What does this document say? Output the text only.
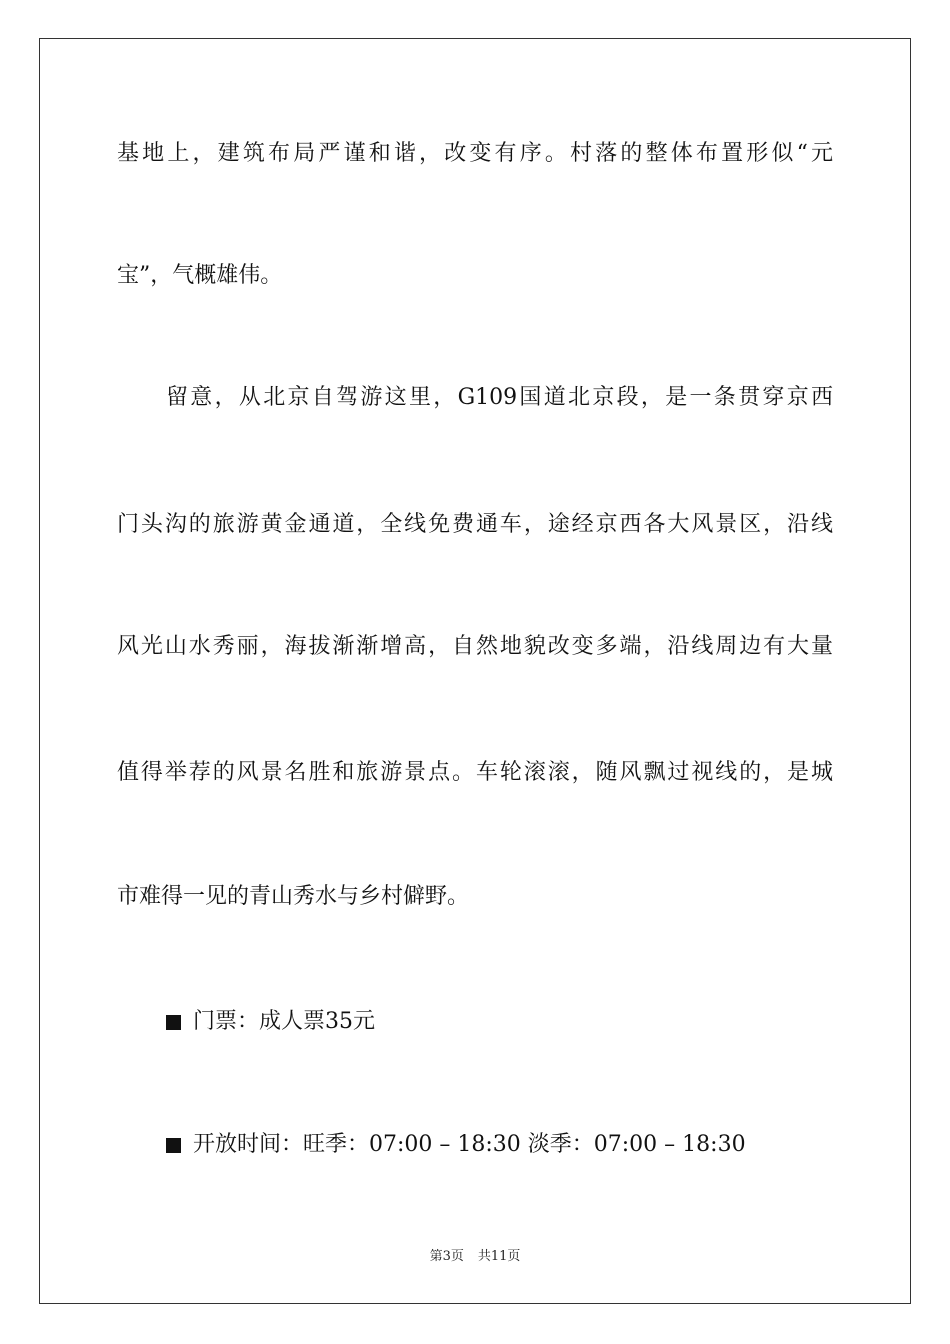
基地上，建筑布局严谨和谐，改变有序。村落的整体布置形似“元
宝”，气概雄伟。
留意，从北京自驾游这里，G109国道北京段，是一条贯穿京西
门头沟的旅游黄金通道，全线免费通车，途经京西各大风景区，沿线
风光山水秀丽，海拔渐渐增高，自然地貌改变多端，沿线周边有大量
值得举荐的风景名胜和旅游景点。车轮滚滚，随风飘过视线的，是城
市难得一见的青山秀水与乡村僻野。
门票：成人票35元
开放时间：旺季：07:00 – 18:30 淡季：07:00 – 18:30
第3页 共11页
